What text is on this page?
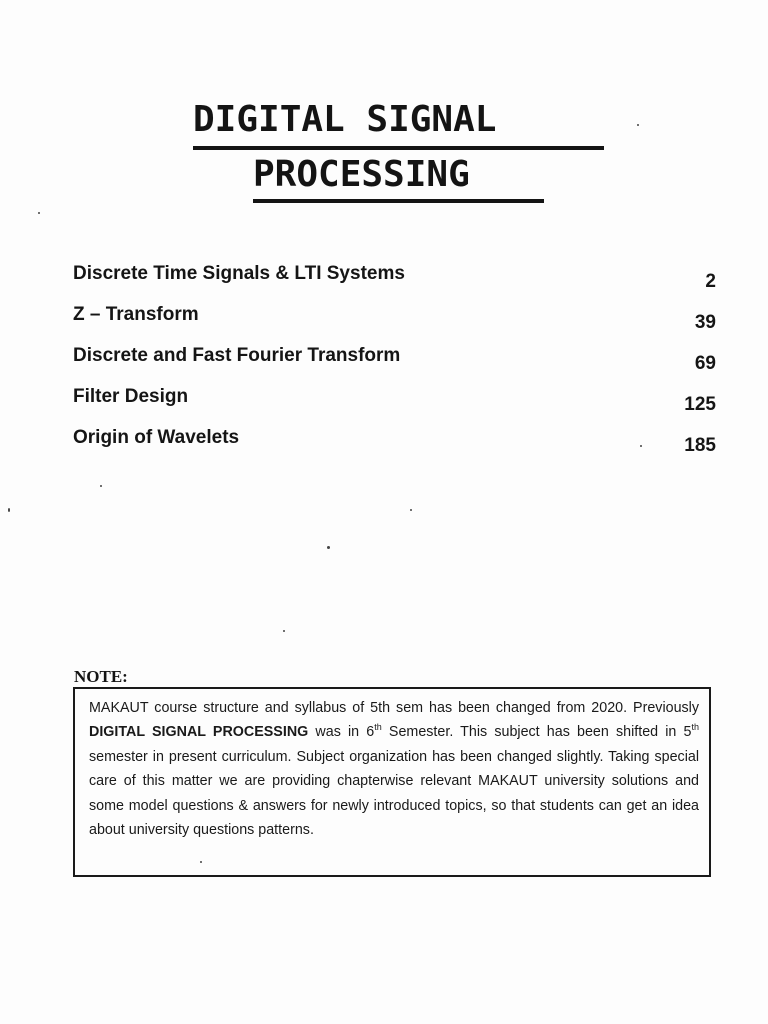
DIGITAL SIGNAL
PROCESSING
Discrete Time Signals & LTI Systems	2
Z – Transform	39
Discrete and Fast Fourier Transform	69
Filter Design	125
Origin of Wavelets	185
NOTE:
MAKAUT course structure and syllabus of 5th sem has been changed from 2020. Previously DIGITAL SIGNAL PROCESSING was in 6th Semester. This subject has been shifted in 5th semester in present curriculum. Subject organization has been changed slightly. Taking special care of this matter we are providing chapterwise relevant MAKAUT university solutions and some model questions & answers for newly introduced topics, so that students can get an idea about university questions patterns.
